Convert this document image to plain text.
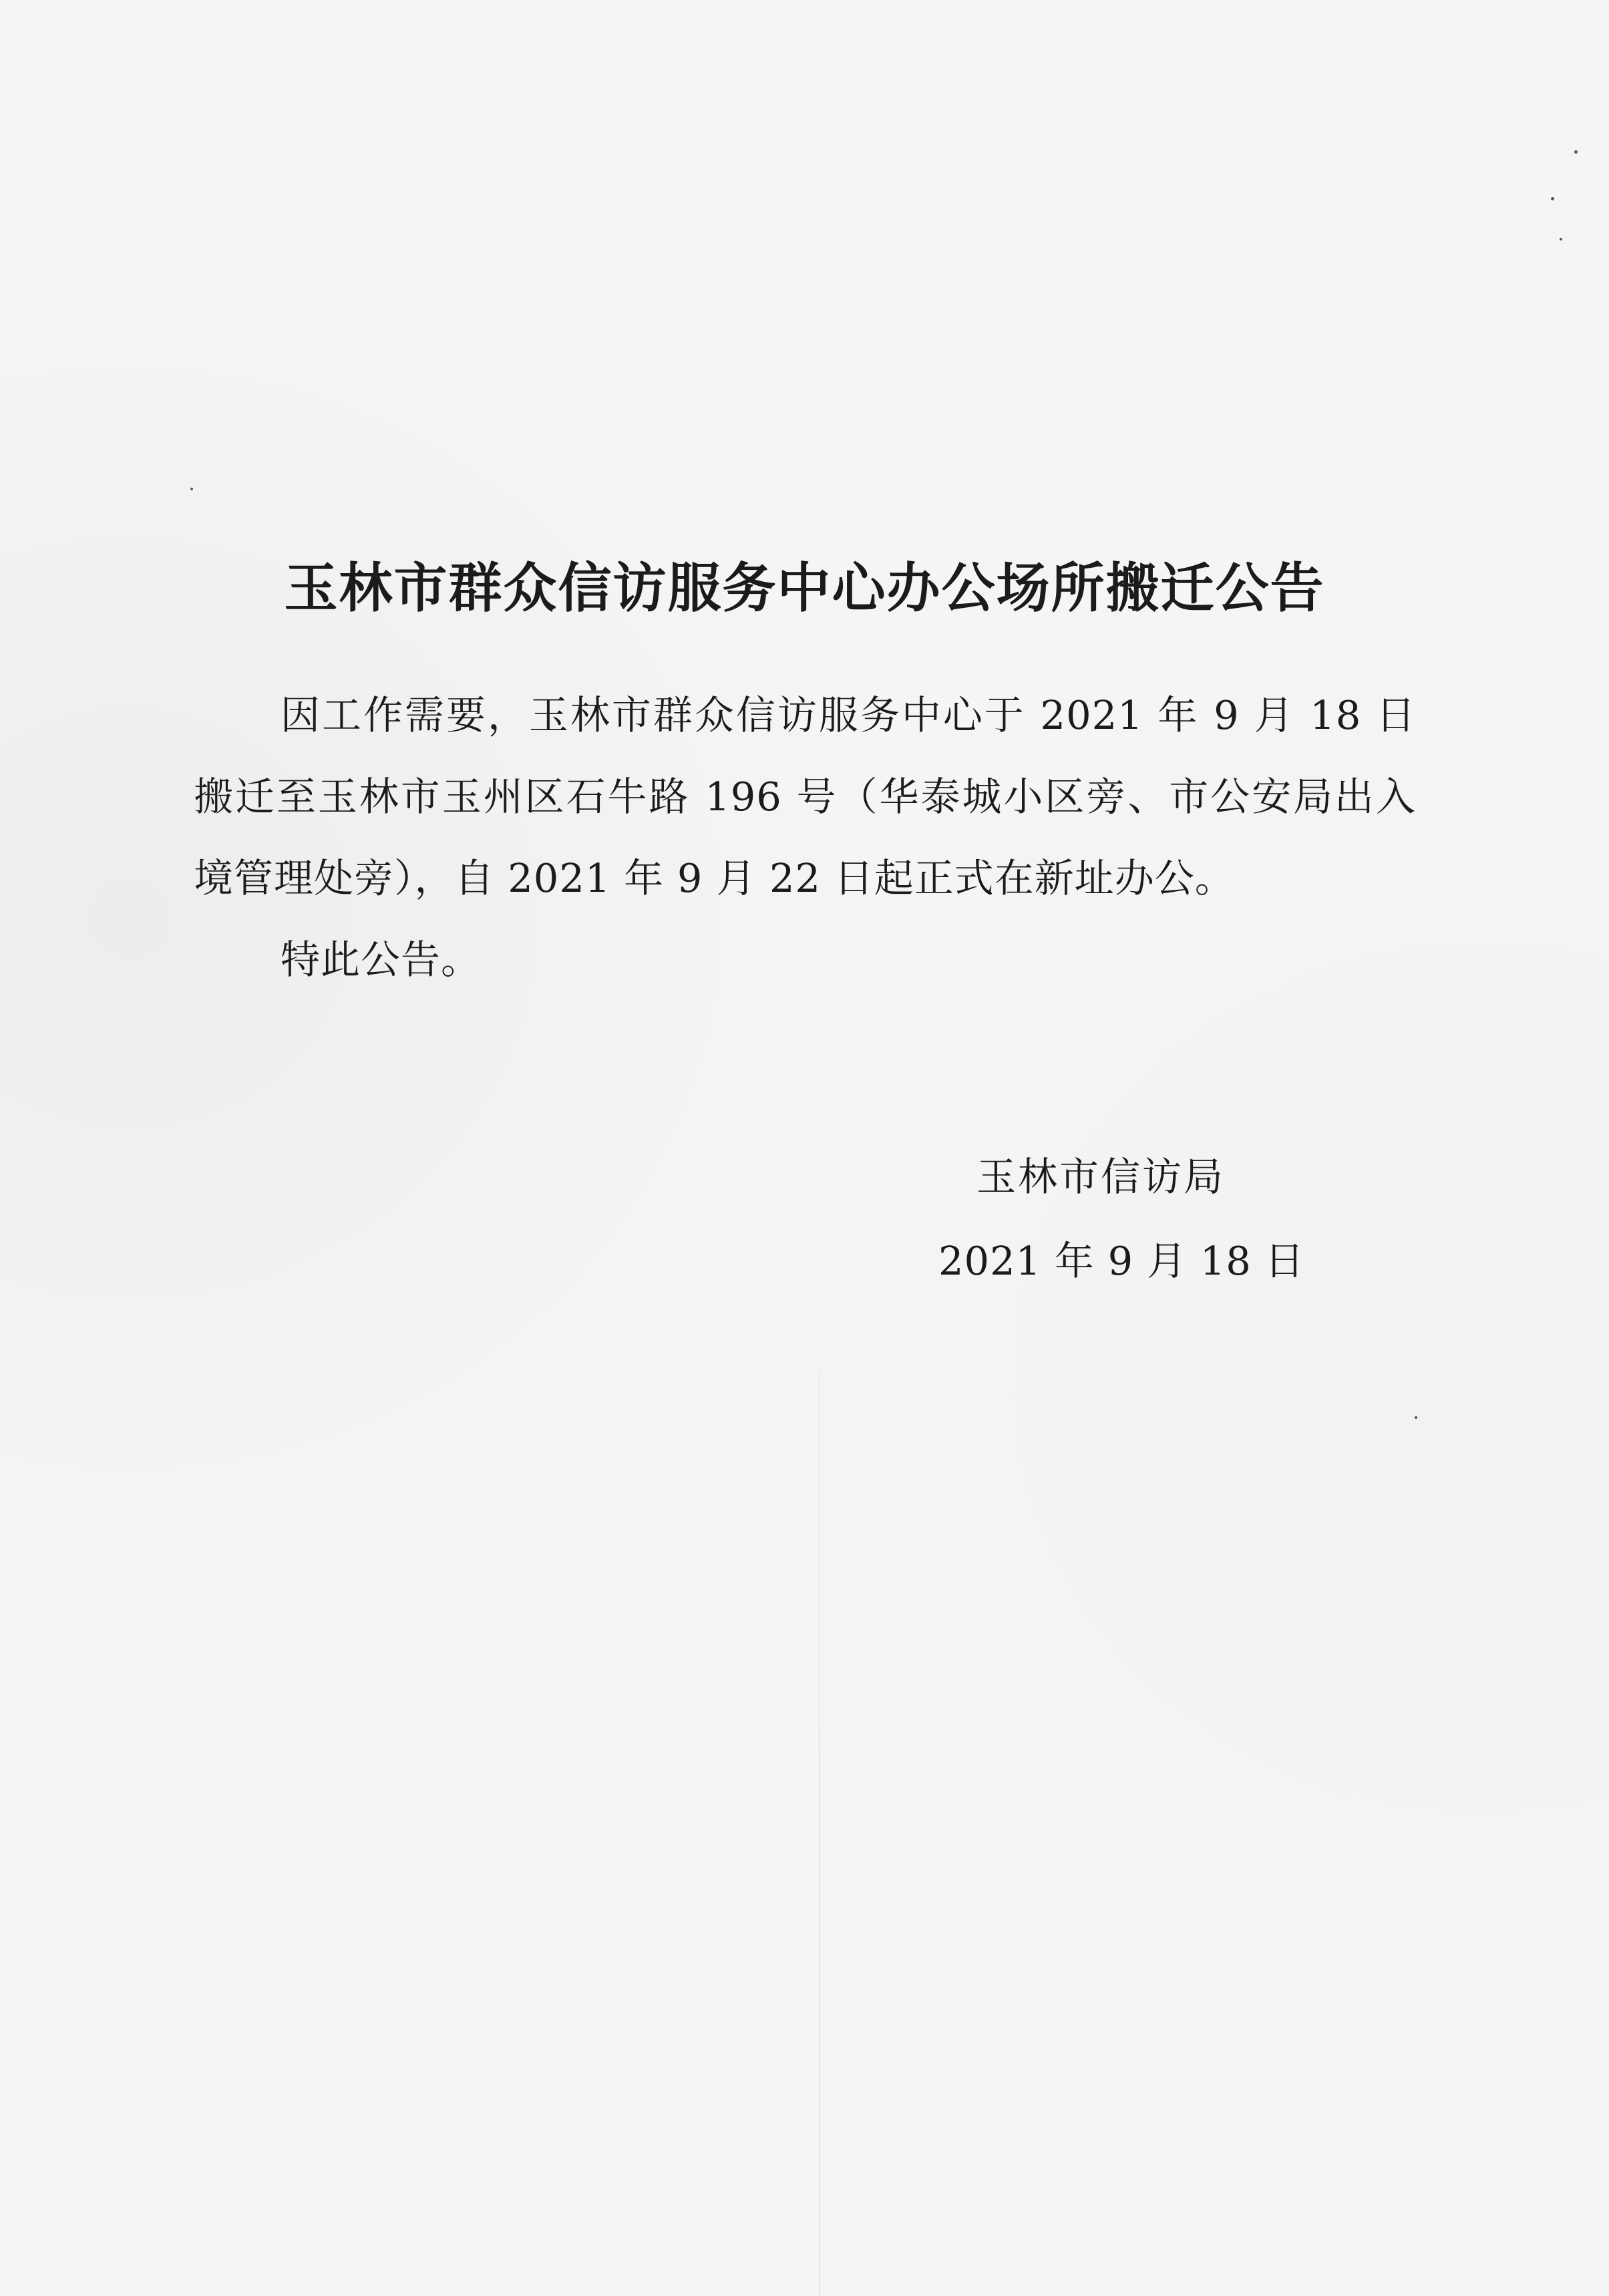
玉林市群众信访服务中心办公场所搬迁公告

因工作需要，玉林市群众信访服务中心于 2021 年 9 月 18 日搬迁至玉林市玉州区石牛路 196 号（华泰城小区旁、市公安局出入境管理处旁），自 2021 年 9 月 22 日起正式在新址办公。

特此公告。

玉林市信访局
2021 年 9 月 18 日
